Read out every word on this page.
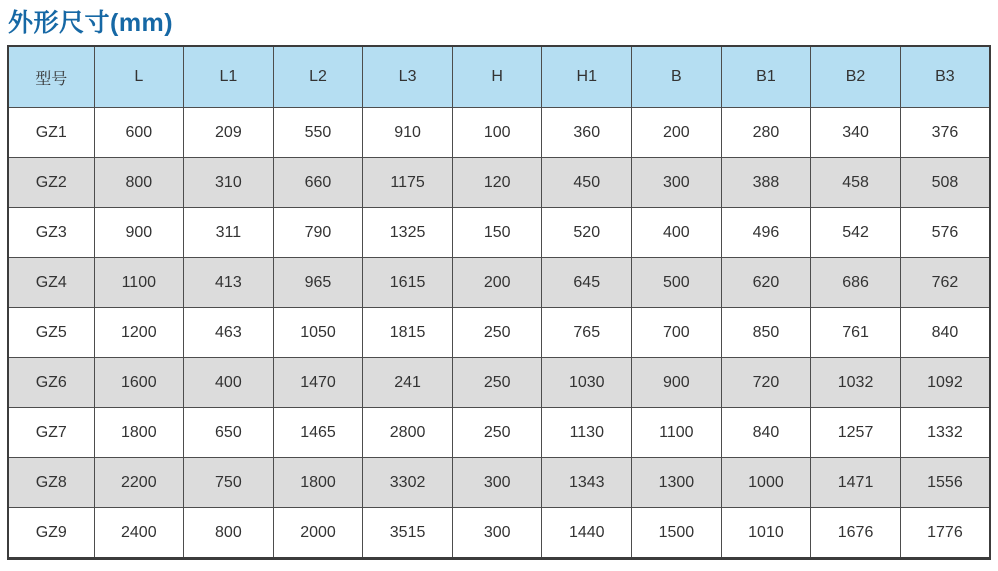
外形尺寸(mm)
型号	L	L1	L2	L3	H	H1	B	B1	B2	B3
GZ1	600	209	550	910	100	360	200	280	340	376
GZ2	800	310	660	1175	120	450	300	388	458	508
GZ3	900	311	790	1325	150	520	400	496	542	576
GZ4	1100	413	965	1615	200	645	500	620	686	762
GZ5	1200	463	1050	1815	250	765	700	850	761	840
GZ6	1600	400	1470	241	250	1030	900	720	1032	1092
GZ7	1800	650	1465	2800	250	1130	1100	840	1257	1332
GZ8	2200	750	1800	3302	300	1343	1300	1000	1471	1556
GZ9	2400	800	2000	3515	300	1440	1500	1010	1676	1776
